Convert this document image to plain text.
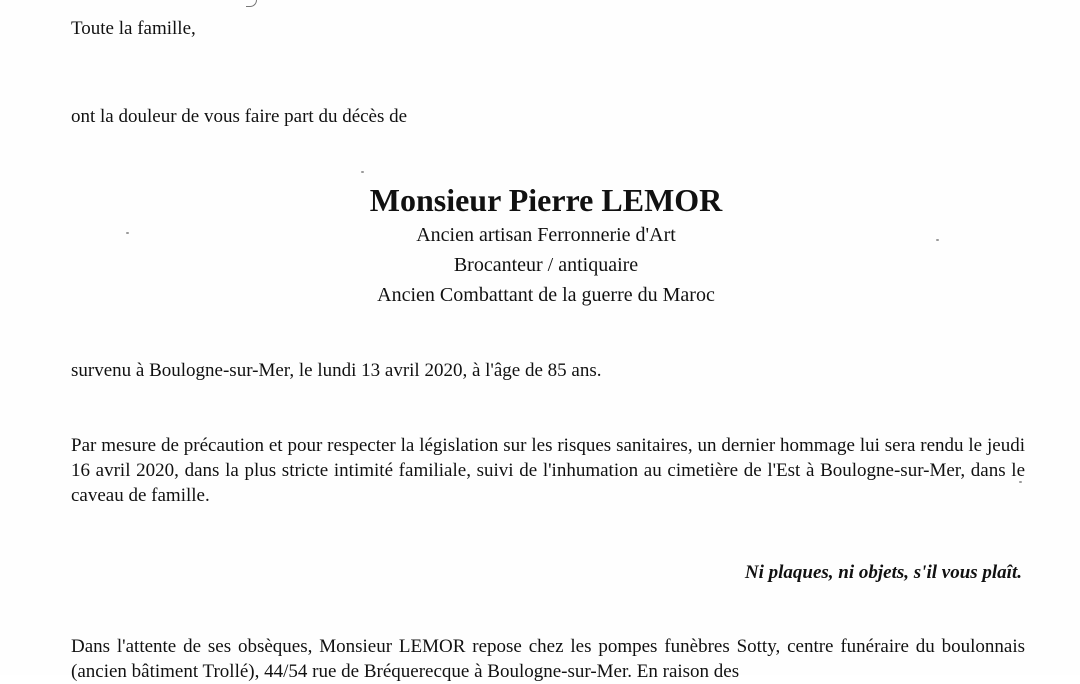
Toute la famille,
ont la douleur de vous faire part du décès de
Monsieur Pierre LEMOR
Ancien artisan Ferronnerie d'Art
Brocanteur / antiquaire
Ancien Combattant de la guerre du Maroc
survenu à Boulogne-sur-Mer, le lundi 13 avril 2020, à l'âge de 85 ans.
Par mesure de précaution et pour respecter la législation sur les risques sanitaires, un dernier hommage lui sera rendu le jeudi 16 avril 2020, dans la plus stricte intimité familiale, suivi de l'inhumation au cimetière de l'Est à Boulogne-sur-Mer, dans le caveau de famille.
Ni plaques, ni objets, s'il vous plaît.
Dans l'attente de ses obsèques, Monsieur LEMOR repose chez les pompes funèbres Sotty, centre funéraire du boulonnais (ancien bâtiment Trollé), 44/54 rue de Bréquerecque à Boulogne-sur-Mer. En raison des
